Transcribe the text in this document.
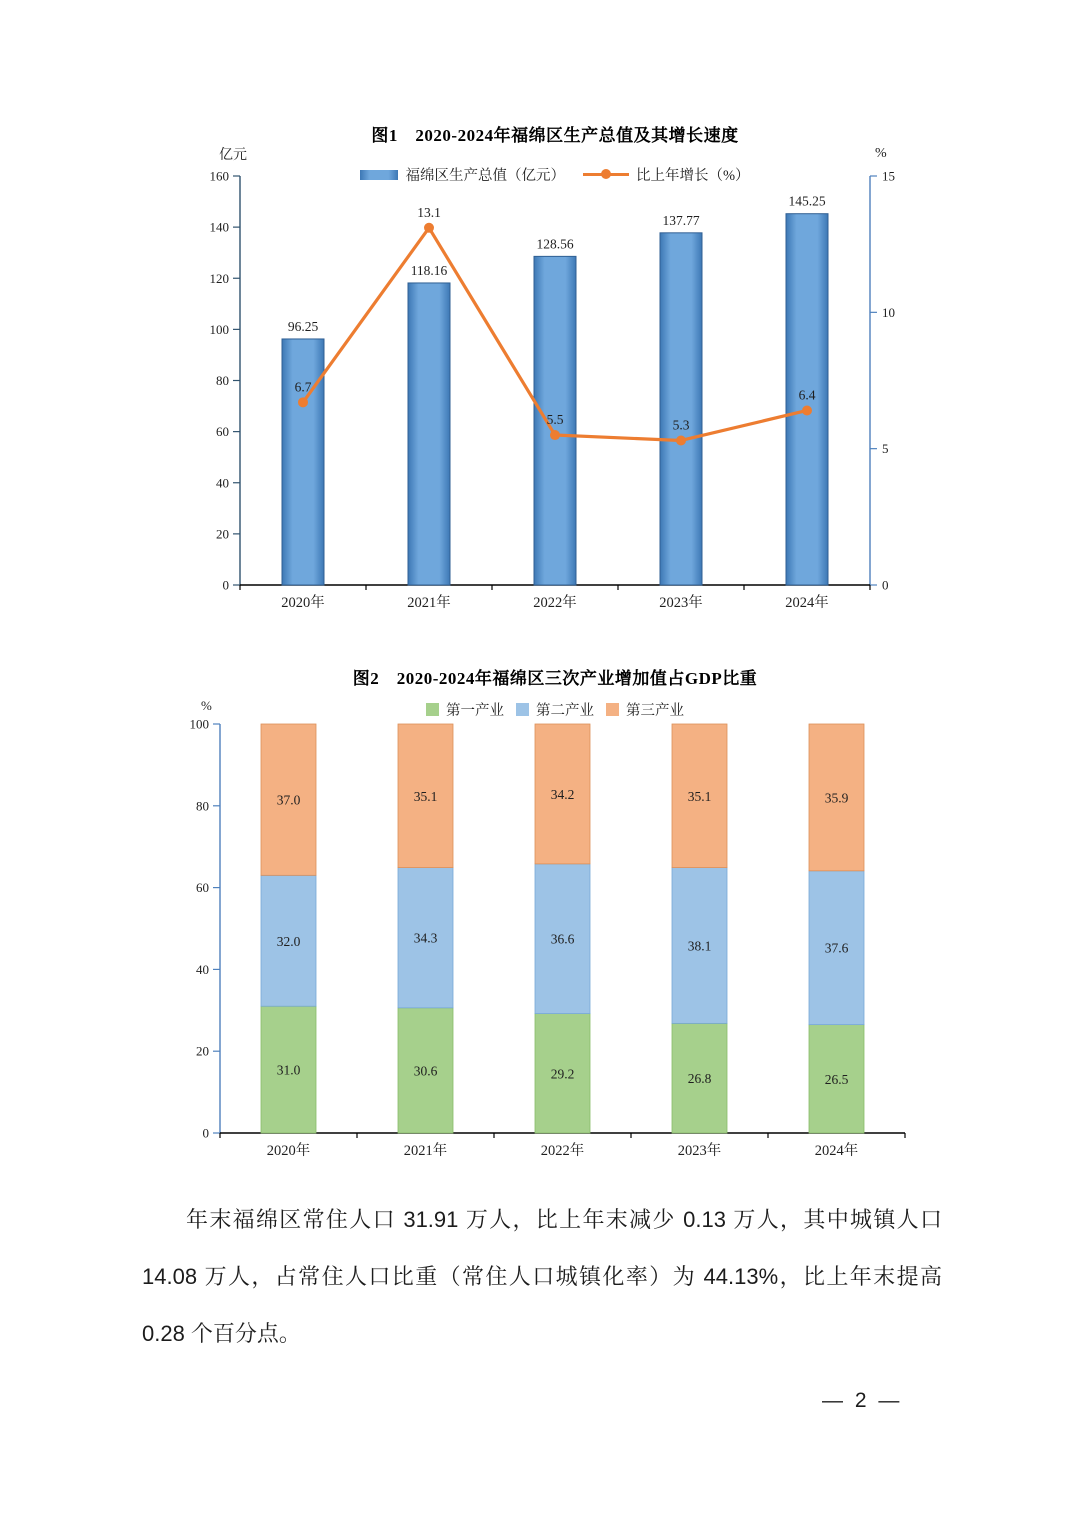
0
20
40
60
80
100
120
140
160
0
5
10
15
96.25
2020年
118.16
2021年
128.56
2022年
137.77
2023年
145.25
2024年
6.7
13.1
5.5	5.3
6.4
0
20
40
60
80
100
31.0
32.0
37.0
2020年
30.6
34.3
35.1
2021年
29.2
36.6
34.2
2022年
26.8
38.1
35.1
2023年
26.5
37.6
35.9
2024年
图1　2020-2024年福绵区生产总值及其增长速度
福绵区生产总值（亿元）	比上年增长（%）
亿元	%
图2　2020-2024年福绵区三次产业增加值占GDP比重
第一产业 第二产业 第三产业
%

年末福绵区常住人口 31.91 万人，比上年末减少 0.13 万人，其中城镇人口 14.08 万人，占常住人口比重（常住人口城镇化率）为 44.13%，比上年末提高 0.28 个百分点。

— 2 —
